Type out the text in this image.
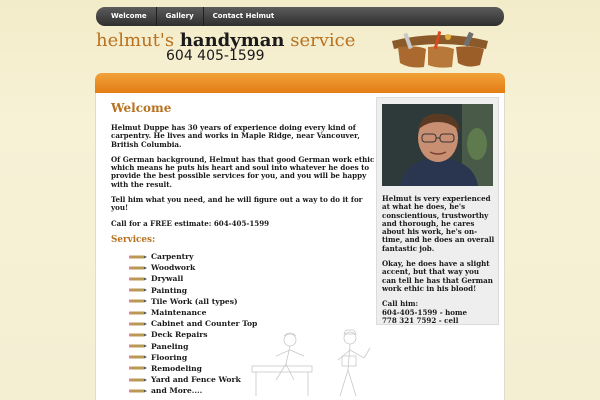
Welcome	Gallery	Contact Helmut
helmut's handyman service
604 405-1599
Welcome

Helmut Duppe has 30 years of experience doing every kind of carpentry. He lives and works in Maple Ridge, near Vancouver, British Columbia.

Of German background, Helmut has that good German work ethic which means he puts his heart and soul into whatever he does to provide the best possible services for you, and you will be happy with the result.

Tell him what you need, and he will figure out a way to do it for you!

Call for a FREE estimate: 604-405-1599

Services:
Carpentry
Woodwork
Drywall
Painting
Tile Work (all types)
Maintenance
Cabinet and Counter Top
Deck Repairs
Paneling
Flooring
Remodeling
Yard and Fence Work
and More....

Helmut is very experienced at what he does, he's conscientious, trustworthy and thorough, he cares about his work, he's on-time, and he does an overall fantastic job.

Okay, he does have a slight accent, but that way you can tell he has that German work ethic in his blood!

Call him:
604-405-1599 - home
778 321 7592 - cell
